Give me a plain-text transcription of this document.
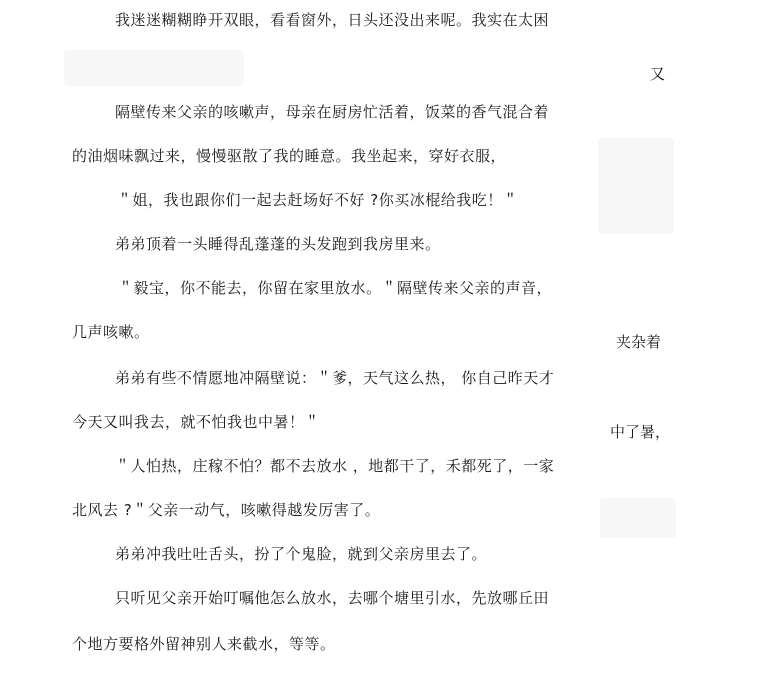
我迷迷糊糊睁开双眼，看看窗外，日头还没出来呢。我实在太困
隔壁传来父亲的咳嗽声，母亲在厨房忙活着，饭菜的香气混合着
的油烟味飘过来，慢慢驱散了我的睡意。我坐起来，穿好衣服，
＂姐，我也跟你们一起去赶场好不好 ?你买冰棍给我吃！＂
弟弟顶着一头睡得乱蓬蓬的头发跑到我房里来。
＂毅宝，你不能去，你留在家里放水。＂隔壁传来父亲的声音，
几声咳嗽。
弟弟有些不情愿地冲隔壁说：＂爹，天气这么热， 你自己昨天才
今天又叫我去，就不怕我也中暑！＂
＂人怕热，庄稼不怕？都不去放水 ，地都干了，禾都死了，一家
北风去 ?＂父亲一动气，咳嗽得越发厉害了。
弟弟冲我吐吐舌头，扮了个鬼脸，就到父亲房里去了。
只听见父亲开始叮嘱他怎么放水，去哪个塘里引水，先放哪丘田
个地方要格外留神别人来截水，等等。
又
夹杂着
中了暑，
